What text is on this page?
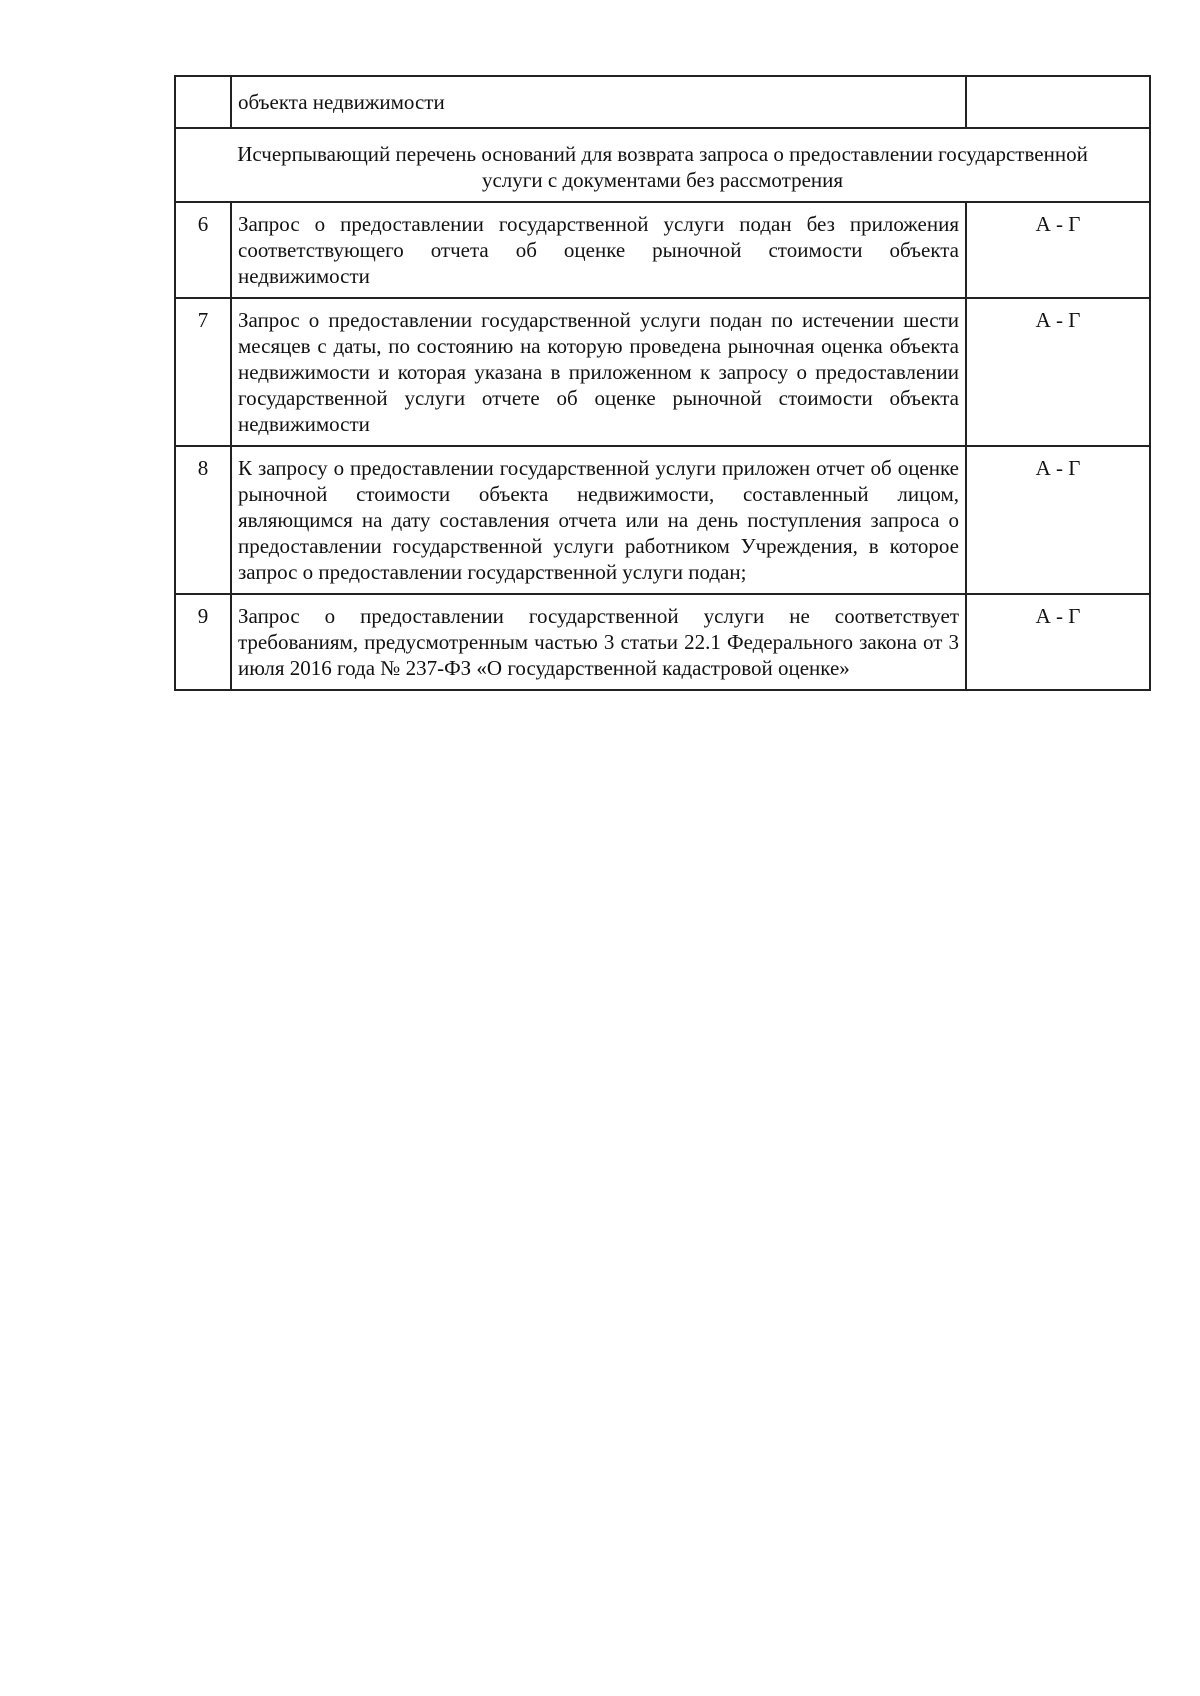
	объекта недвижимости	
Исчерпывающий перечень оснований для возврата запроса о предоставлении государственной услуги с документами без рассмотрения		
6	Запрос о предоставлении государственной услуги подан без приложения соответствующего отчета об оценке рыночной стоимости объекта недвижимости	А - Г
7	Запрос о предоставлении государственной услуги подан по истечении шести месяцев с даты, по состоянию на которую проведена рыночная оценка объекта недвижимости и которая указана в приложенном к запросу о предоставлении государственной услуги отчете об оценке рыночной стоимости объекта недвижимости	А - Г
8	К запросу о предоставлении государственной услуги приложен отчет об оценке рыночной стоимости объекта недвижимости, составленный лицом, являющимся на дату составления отчета или на день поступления запроса о предоставлении государственной услуги работником Учреждения, в которое запрос о предоставлении государственной услуги подан;	А - Г
9	Запрос о предоставлении государственной услуги не соответствует требованиям, предусмотренным частью 3 статьи 22.1 Федерального закона от 3 июля 2016 года № 237-ФЗ «О государственной кадастровой оценке»	А - Г
